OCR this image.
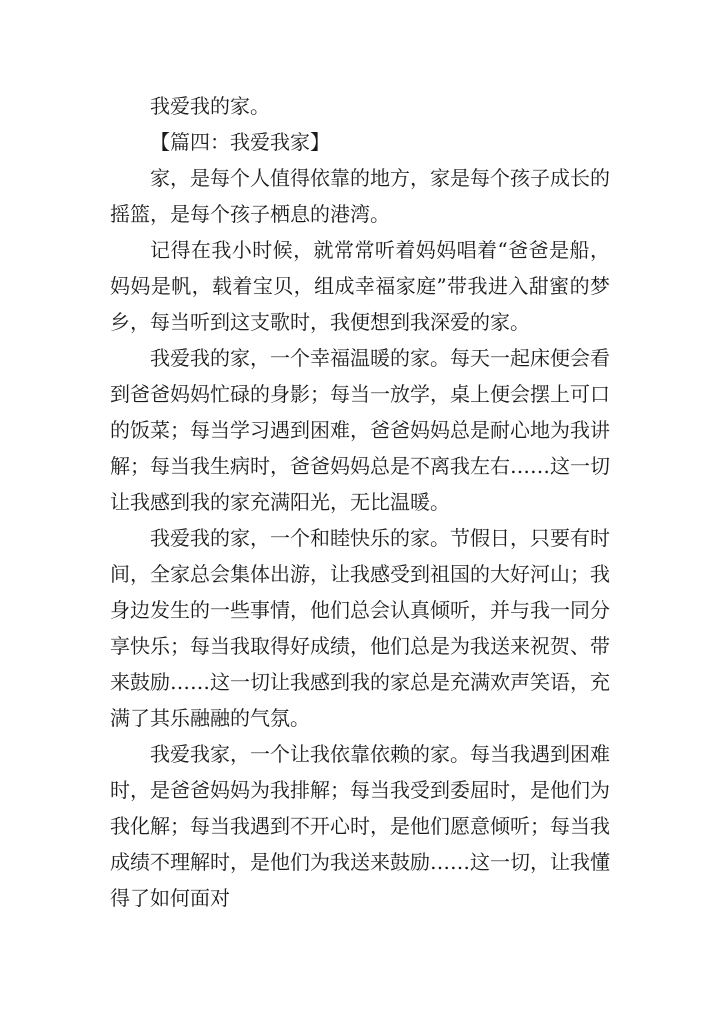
我爱我的家。

【篇四：我爱我家】

家，是每个人值得依靠的地方，家是每个孩子成长的摇篮，是每个孩子栖息的港湾。

记得在我小时候，就常常听着妈妈唱着“爸爸是船，妈妈是帆，载着宝贝，组成幸福家庭”带我进入甜蜜的梦乡，每当听到这支歌时，我便想到我深爱的家。

我爱我的家，一个幸福温暖的家。每天一起床便会看到爸爸妈妈忙碌的身影；每当一放学，桌上便会摆上可口的饭菜；每当学习遇到困难，爸爸妈妈总是耐心地为我讲解；每当我生病时，爸爸妈妈总是不离我左右……这一切让我感到我的家充满阳光，无比温暖。

我爱我的家，一个和睦快乐的家。节假日，只要有时间，全家总会集体出游，让我感受到祖国的大好河山；我身边发生的一些事情，他们总会认真倾听，并与我一同分享快乐；每当我取得好成绩，他们总是为我送来祝贺、带来鼓励……这一切让我感到我的家总是充满欢声笑语，充满了其乐融融的气氛。

我爱我家，一个让我依靠依赖的家。每当我遇到困难时，是爸爸妈妈为我排解；每当我受到委屈时，是他们为我化解；每当我遇到不开心时，是他们愿意倾听；每当我成绩不理解时，是他们为我送来鼓励……这一切，让我懂得了如何面对
